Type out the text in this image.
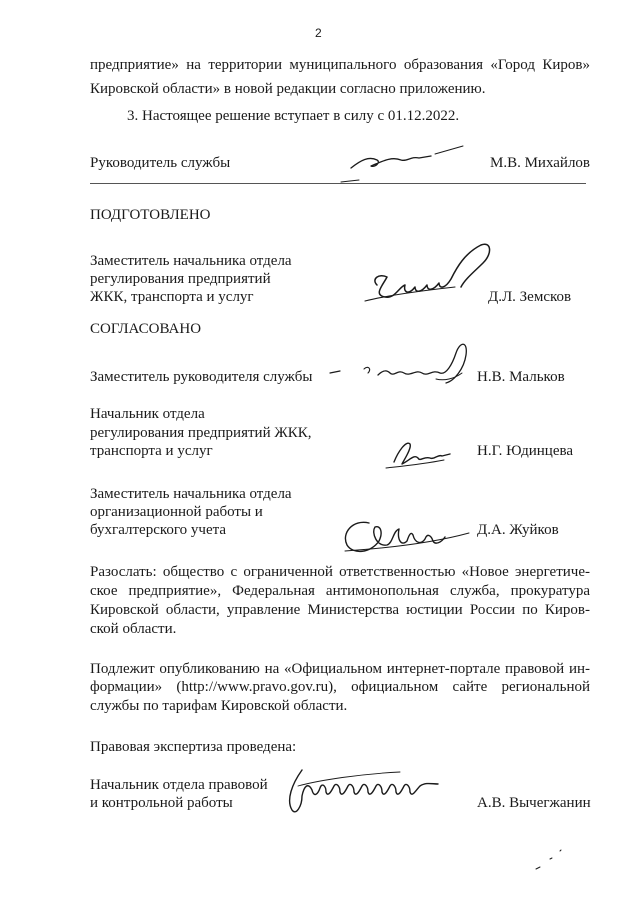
2
предприятие» на территории муниципального образования «Город Киров»
Кировской области» в новой редакции согласно приложению.
3. Настоящее решение вступает в силу с 01.12.2022.
Руководитель службы	М.В. Михайлов
ПОДГОТОВЛЕНО
Заместитель начальника отдела
регулирования предприятий
ЖКК, транспорта и услуг	Д.Л. Земсков
СОГЛАСОВАНО
Заместитель руководителя службы	Н.В. Мальков
Начальник отдела
регулирования предприятий ЖКК,
транспорта и услуг	Н.Г. Юдинцева
Заместитель начальника отдела
организационной работы и
бухгалтерского учета	Д.А. Жуйков
Разослать: общество с ограниченной ответственностью «Новое энергетиче-
ское предприятие», Федеральная антимонопольная служба, прокуратура
Кировской области, управление Министерства юстиции России по Киров-
ской области.
Подлежит опубликованию на «Официальном интернет-портале правовой ин-
формации» (http://www.pravo.gov.ru), официальном сайте региональной
службы по тарифам Кировской области.
Правовая экспертиза проведена:
Начальник отдела правовой
и контрольной работы	А.В. Вычегжанин
